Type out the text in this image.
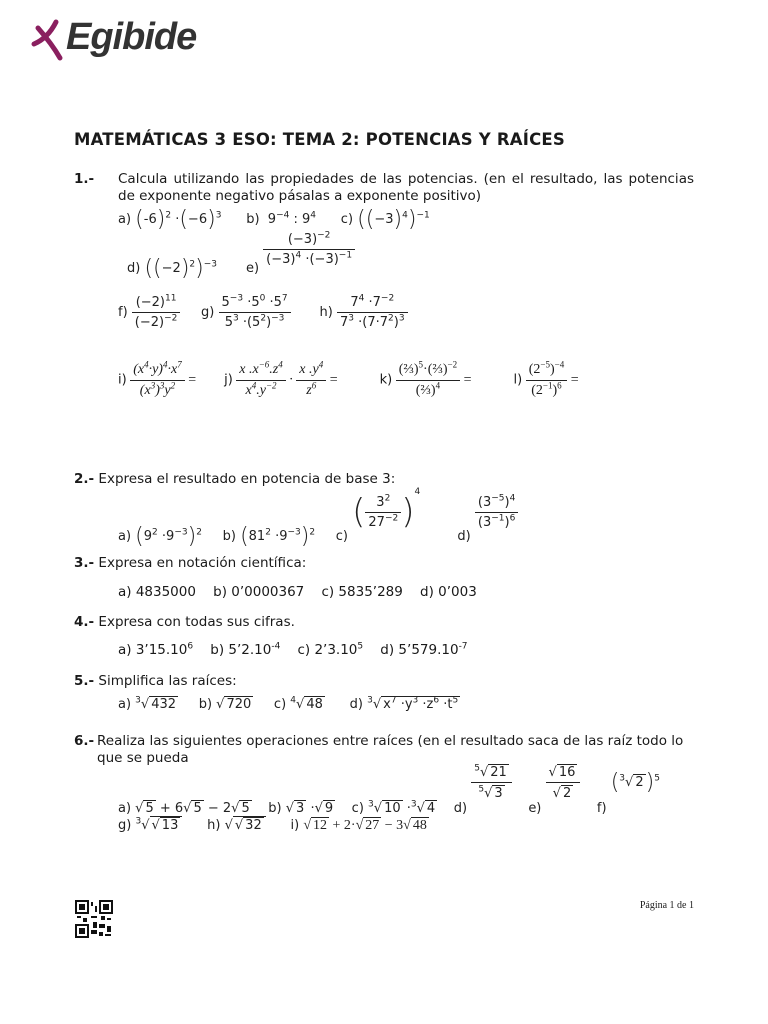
Egibide
MATEMÁTICAS 3 ESO: TEMA 2: POTENCIAS Y RAÍCES
1.- Calcula utilizando las propiedades de las potencias. (en el resultado, las potencias de exponente negativo pásalas a exponente positivo)
a) $(-6)^2 \cdot(-6)^3$      b)  $9^{-4}$ : $9^4$      c) $((-3)^4)^{-1}$
d) $((-2)^2)^{-3}$ e)
$\frac{(-3)^{-2}}{(-3)^4 \cdot(-3)^{-1}}$
$f) \frac{(-2)^{11}}{(-2)^{-2}} g) \frac{5^{-3} \cdot 5^0 \cdot 5^7}{5^3 \cdot(5^2)^{-3}} h) \frac{7^4 \cdot 7^{-2}}{7^3 \cdot(7\cdot 7^2)^3}$
$i) \frac{(x^4\cdot y)^4\cdot x^7}{(x^3)^3y^2} = j) \frac{x .x^{-6}.z^4}{x^4.y^{-2}} \cdot \frac{x .y^4}{z^6}$ =	$k) \frac{(\frac{2}{3})^5\cdot(\frac{2}{3})^{-2}}{(\frac{2}{3})^4}$ =	$l) \frac{(2^{-5})^{-4}}{(2^{-1})^6}$ =
2.- Expresa el resultado en potencia de base 3:
a) $(9^2 \cdot 9^{-3})^2$     b) $(81^2 \cdot 9^{-3})^2$     c) ( $\frac{3^2}{27^{-2}} )^4$         d)
$\frac{(3^{-5})^4}{(3^{-1})^6}$
3.- Expresa en notación científica:
a) 4835000 b) 0’0000367 c) 5835’289 d) 0’003
4.- Expresa con todas sus cifras.
a) 3’15.10$^6$    b) $5’2.10^{-4}$    c) 2’3.10$^5$    d) $5’579.10^{-7}$
5.- Simplifica las raíces:
a) $^3$√ 432     b) √ 720     c) $^4$√ 48      d) $^3$√ $x^7 \cdot y^3 \cdot z^6 \cdot t^5$
6.- Realiza las siguientes operaciones entre raíces (en el resultado saca de las raíz todo lo que se pueda
a) √ 5 + 6√ 5 − 2√ 5    b) √ 3 ·√ 9    c) $^3$√ 10 ·$^3$√ 4    d)
$\frac{^5√ 21}{^5√ 3}$
e)
$\frac{√ 16}{√ 2}$
f) ($^3$√ 2)$^5$
g) $^3$√ √ 13      h) √ √ 32      i) √ 12 + 2·√ 27 − 3√ 48
Página 1 de 1
